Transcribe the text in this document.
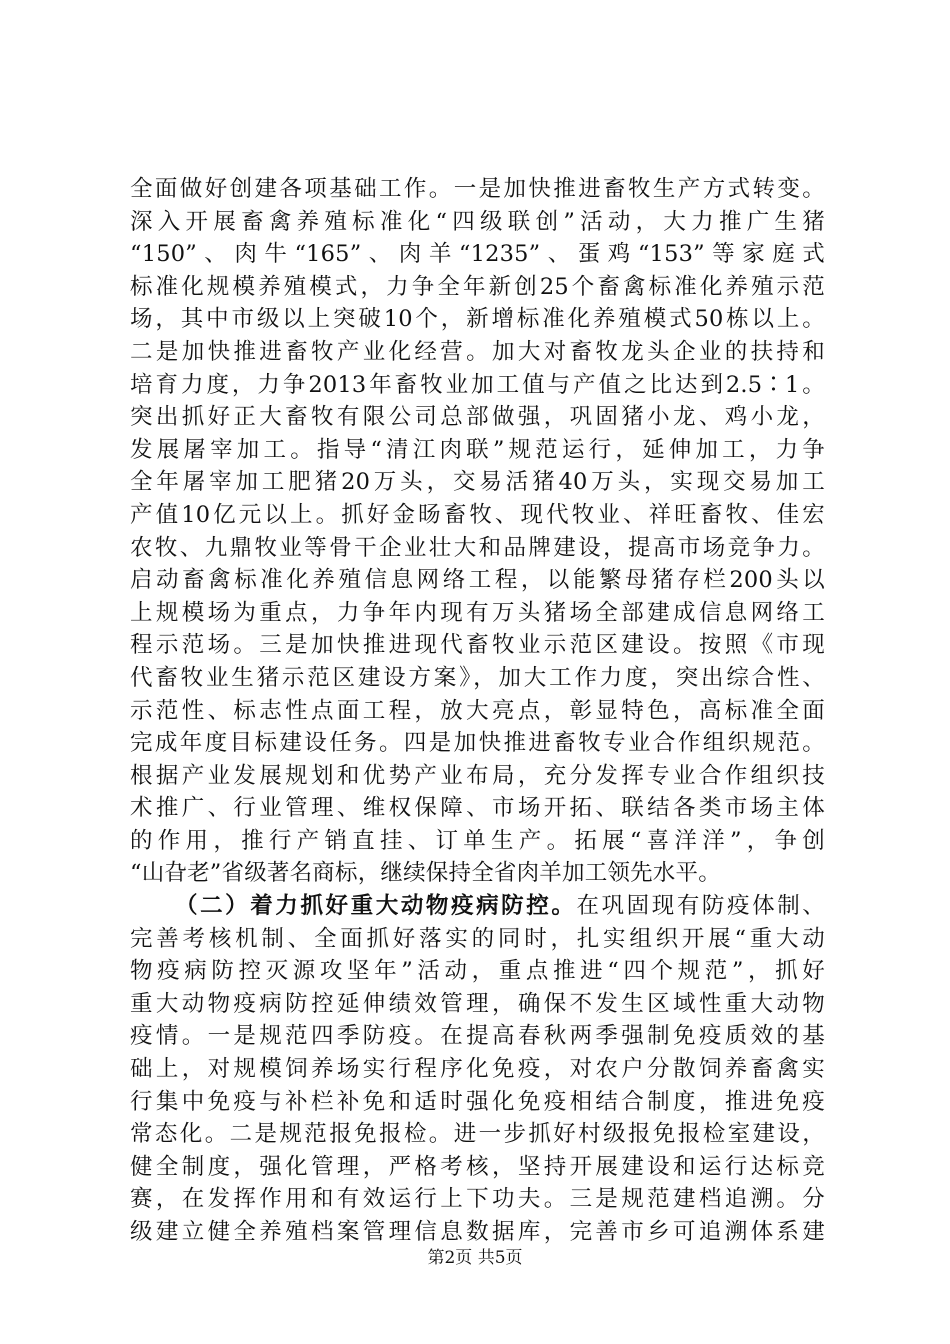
全面做好创建各项基础工作。一是加快推进畜牧生产方式转变。
深入开展畜禽养殖标准化“四级联创”活动，大力推广生猪
“150”、肉牛“165”、肉羊“1235”、蛋鸡“153”等家庭式
标准化规模养殖模式，力争全年新创25个畜禽标准化养殖示范
场，其中市级以上突破10个，新增标准化养殖模式50栋以上。
二是加快推进畜牧产业化经营。加大对畜牧龙头企业的扶持和
培育力度，力争2013年畜牧业加工值与产值之比达到2.5∶1。
突出抓好正大畜牧有限公司总部做强，巩固猪小龙、鸡小龙，
发展屠宰加工。指导“清江肉联”规范运行，延伸加工，力争
全年屠宰加工肥猪20万头，交易活猪40万头，实现交易加工
产值10亿元以上。抓好金旸畜牧、现代牧业、祥旺畜牧、佳宏
农牧、九鼎牧业等骨干企业壮大和品牌建设，提高市场竞争力。
启动畜禽标准化养殖信息网络工程，以能繁母猪存栏200头以
上规模场为重点，力争年内现有万头猪场全部建成信息网络工
程示范场。三是加快推进现代畜牧业示范区建设。按照《市现
代畜牧业生猪示范区建设方案》，加大工作力度，突出综合性、
示范性、标志性点面工程，放大亮点，彰显特色，高标准全面
完成年度目标建设任务。四是加快推进畜牧专业合作组织规范。
根据产业发展规划和优势产业布局，充分发挥专业合作组织技
术推广、行业管理、维权保障、市场开拓、联结各类市场主体
的作用，推行产销直挂、订单生产。拓展“喜洋洋”，争创
“山旮老”省级著名商标，继续保持全省肉羊加工领先水平。
（二）着力抓好重大动物疫病防控。在巩固现有防疫体制、
完善考核机制、全面抓好落实的同时，扎实组织开展“重大动
物疫病防控灭源攻坚年”活动，重点推进“四个规范”，抓好
重大动物疫病防控延伸绩效管理，确保不发生区域性重大动物
疫情。一是规范四季防疫。在提高春秋两季强制免疫质效的基
础上，对规模饲养场实行程序化免疫，对农户分散饲养畜禽实
行集中免疫与补栏补免和适时强化免疫相结合制度，推进免疫
常态化。二是规范报免报检。进一步抓好村级报免报检室建设，
健全制度，强化管理，严格考核，坚持开展建设和运行达标竞
赛，在发挥作用和有效运行上下功夫。三是规范建档追溯。分
级建立健全养殖档案管理信息数据库，完善市乡可追溯体系建
第2页 共5页
